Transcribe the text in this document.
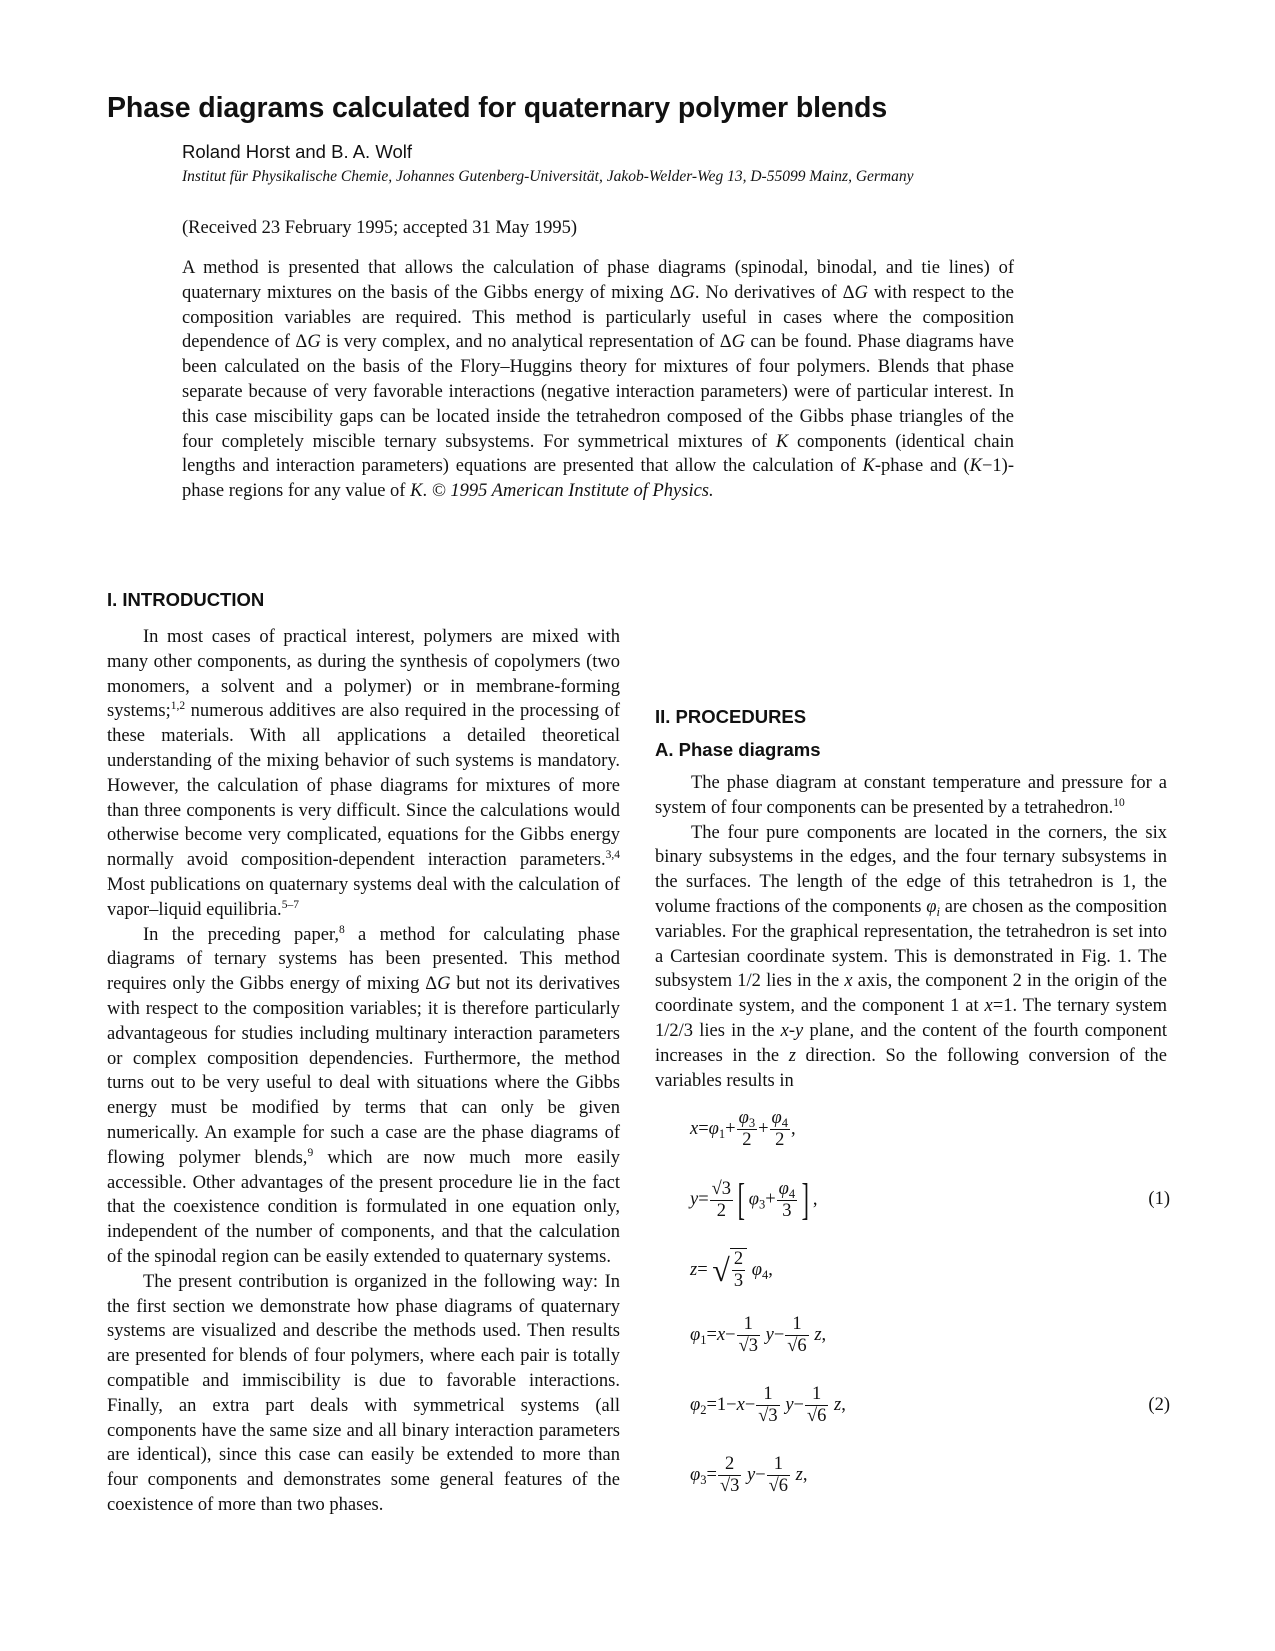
Phase diagrams calculated for quaternary polymer blends

Roland Horst and B. A. Wolf

Institut für Physikalische Chemie, Johannes Gutenberg-Universität, Jakob-Welder-Weg 13, D-55099 Mainz, Germany

(Received 23 February 1995; accepted 31 May 1995)

A method is presented that allows the calculation of phase diagrams (spinodal, binodal, and tie lines) of quaternary mixtures on the basis of the Gibbs energy of mixing ΔG. No derivatives of ΔG with respect to the composition variables are required. This method is particularly useful in cases where the composition dependence of ΔG is very complex, and no analytical representation of ΔG can be found. Phase diagrams have been calculated on the basis of the Flory–Huggins theory for mixtures of four polymers. Blends that phase separate because of very favorable interactions (negative interaction parameters) were of particular interest. In this case miscibility gaps can be located inside the tetrahedron composed of the Gibbs phase triangles of the four completely miscible ternary subsystems. For symmetrical mixtures of K components (identical chain lengths and interaction parameters) equations are presented that allow the calculation of K-phase and (K−1)-phase regions for any value of K. © 1995 American Institute of Physics.

I. INTRODUCTION

In most cases of practical interest, polymers are mixed with many other components, as during the synthesis of copolymers (two monomers, a solvent and a polymer) or in membrane-forming systems;$^{1,2}$ numerous additives are also required in the processing of these materials. With all applications a detailed theoretical understanding of the mixing behavior of such systems is mandatory. However, the calculation of phase diagrams for mixtures of more than three components is very difficult. Since the calculations would otherwise become very complicated, equations for the Gibbs energy normally avoid composition-dependent interaction parameters.$^{3,4}$ Most publications on quaternary systems deal with the calculation of vapor–liquid equilibria.$^{5-7}$

In the preceding paper,$^8$ a method for calculating phase diagrams of ternary systems has been presented. This method requires only the Gibbs energy of mixing ΔG but not its derivatives with respect to the composition variables; it is therefore particularly advantageous for studies including multinary interaction parameters or complex composition dependencies. Furthermore, the method turns out to be very useful to deal with situations where the Gibbs energy must be modified by terms that can only be given numerically. An example for such a case are the phase diagrams of flowing polymer blends,$^9$ which are now much more easily accessible. Other advantages of the present procedure lie in the fact that the coexistence condition is formulated in one equation only, independent of the number of components, and that the calculation of the spinodal region can be easily extended to quaternary systems.

The present contribution is organized in the following way: In the first section we demonstrate how phase diagrams of quaternary systems are visualized and describe the methods used. Then results are presented for blends of four polymers, where each pair is totally compatible and immiscibility is due to favorable interactions. Finally, an extra part deals with symmetrical systems (all components have the same size and all binary interaction parameters are identical), since this case can easily be extended to more than four components and demonstrates some general features of the coexistence of more than two phases.

II. PROCEDURES
A. Phase diagrams

The phase diagram at constant temperature and pressure for a system of four components can be presented by a tetrahedron.$^{10}$

The four pure components are located in the corners, the six binary subsystems in the edges, and the four ternary subsystems in the surfaces. The length of the edge of this tetrahedron is 1, the volume fractions of the components $\varphi_i$ are chosen as the composition variables. For the graphical representation, the tetrahedron is set into a Cartesian coordinate system. This is demonstrated in Fig. 1. The subsystem 1/2 lies in the x axis, the component 2 in the origin of the coordinate system, and the component 1 at x=1. The ternary system 1/2/3 lies in the x-y plane, and the content of the fourth component increases in the z direction. So the following conversion of the variables results in

$x=\varphi_1+ \frac{\varphi_3}{2} + \frac{\varphi_4}{2}$ ,
$y= \frac{√3}{2}$ [ $\varphi_3+ \frac{\varphi_4}{3}$ ] ,	(1)
z= √ $\frac{2}{3} \varphi_4$,
$\varphi_1=x- \frac{1}{√3} y- \frac{1}{√6} z$,
$\varphi_2=1-x- \frac{1}{√3} y- \frac{1}{√6} z$,	(2)
$\varphi_3= \frac{2}{√3} y- \frac{1}{√6} z$,
